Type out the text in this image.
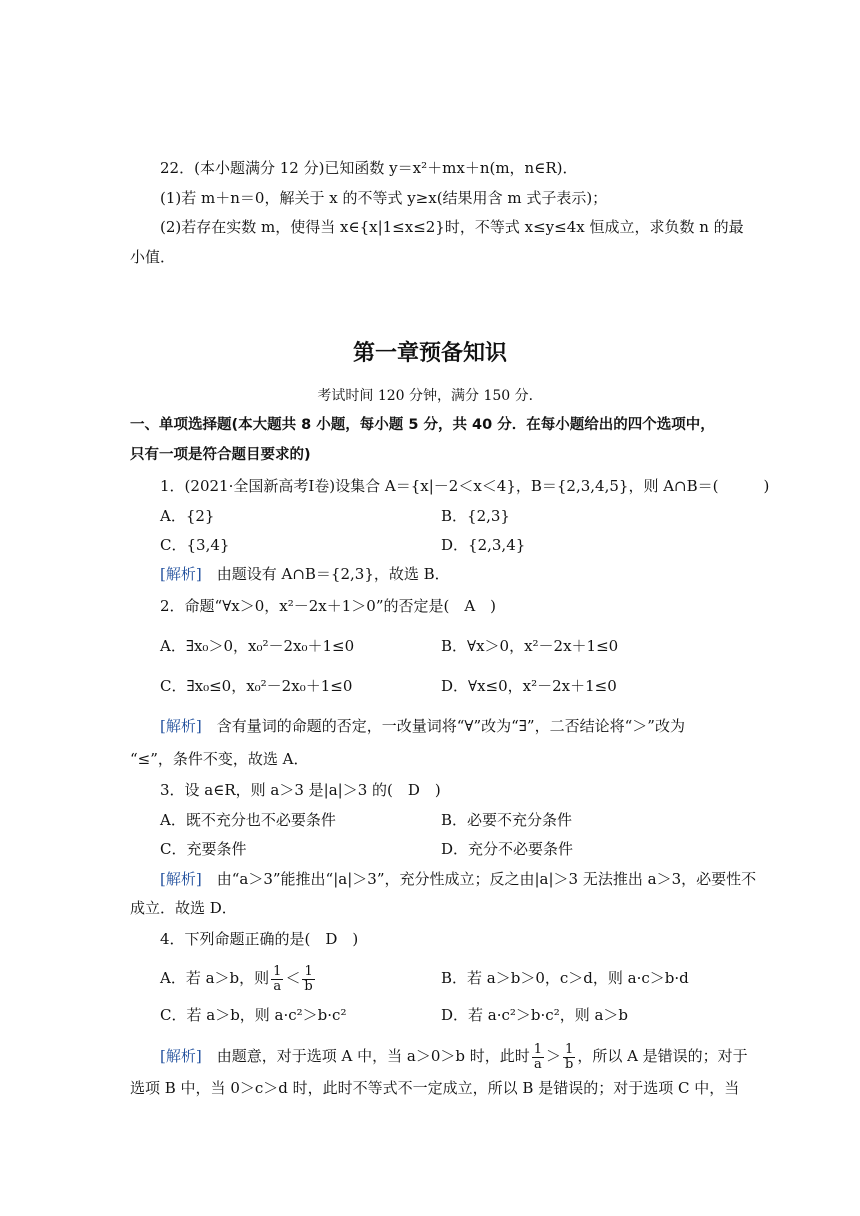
22．(本小题满分 12 分)已知函数 y＝x²＋mx＋n(m，n∈R)．
(1)若 m＋n＝0，解关于 x 的不等式 y≥x(结果用含 m 式子表示)；
(2)若存在实数 m，使得当 x∈{x|1≤x≤2}时，不等式 x≤y≤4x 恒成立，求负数 n 的最
小值．
第一章预备知识
考试时间 120 分钟，满分 150 分．
一、单项选择题(本大题共 8 小题，每小题 5 分，共 40 分．在每小题给出的四个选项中，
只有一项是符合题目要求的)
1．(2021·全国新高考Ⅰ卷)设集合 A＝{x|－2＜x＜4}，B＝{2,3,4,5}，则 A∩B＝(　　　)
A．{2}	B．{2,3}
C．{3,4}	D．{2,3,4}
[解析]　 由题设有 A∩B＝{2,3}，故选 B．
2．命题“∀x＞0，x²－2x＋1＞0”的否定是(　A　)
A．∃x₀＞0，x₀²－2x₀＋1≤0	B．∀x＞0，x²－2x＋1≤0
C．∃x₀≤0，x₀²－2x₀＋1≤0	D．∀x≤0，x²－2x＋1≤0
[解析]　 含有量词的命题的否定，一改量词将“∀”改为“∃”，二否结论将“＞”改为
“≤”，条件不变，故选 A．
3．设 a∈R，则 a＞3 是|a|＞3 的(　D　)
A．既不充分也不必要条件	B．必要不充分条件
C．充要条件	D．充分不必要条件
[解析]　 由“a＞3”能推出“|a|＞3”，充分性成立；反之由|a|＞3 无法推出 a＞3，必要性不
成立．故选 D．
4．下列命题正确的是(　D　)
A．若 a＞b，则 $\frac{1}{a} < \frac{1}{b}$	B．若 a＞b＞0，c＞d，则 a·c＞b·d
C．若 a＞b，则 a·c²＞b·c²	D．若 a·c²＞b·c²，则 a＞b
[解析]　 由题意，对于选项 A 中，当 a＞0＞b 时，此时 $\frac{1}{a} > \frac{1}{b}$ ，所以 A 是错误的；对于
选项 B 中，当 0＞c＞d 时，此时不等式不一定成立，所以 B 是错误的；对于选项 C 中，当
